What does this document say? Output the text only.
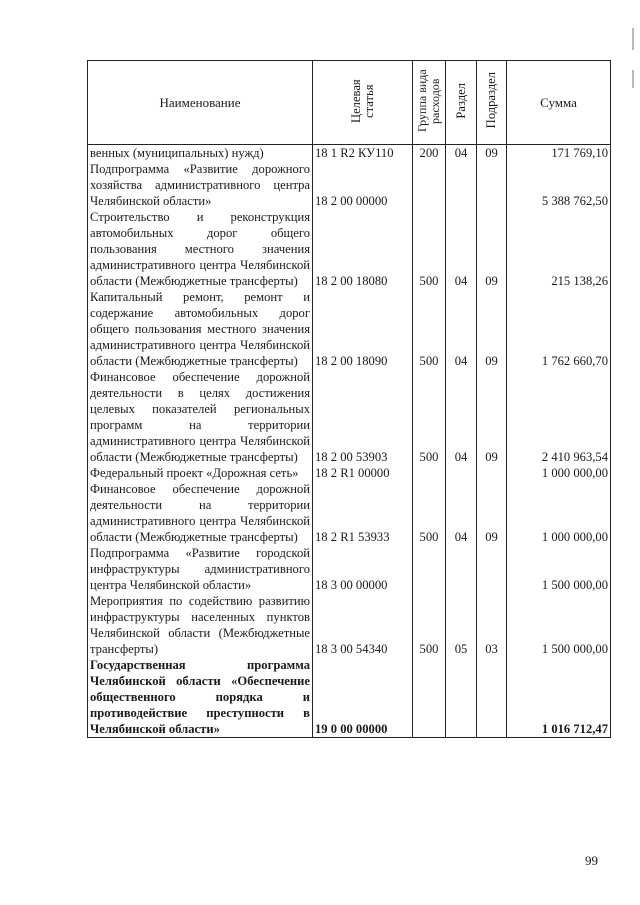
Наименование	Целевая статья	Группа вида расходов	Раздел	Подраздел	Сумма
венных (муниципальных) нужд)	18 1 R2 КУ110	200	04	09	171 769,10
Подпрограмма «Развитие дорожного хозяйства административного центра Челябинской области»	18 2 00 00000				5 388 762,50
Строительство и реконструкция автомобильных дорог общего пользования местного значения административного центра Челябинской области (Межбюджетные трансферты)	18 2 00 18080	500	04	09	215 138,26
Капитальный ремонт, ремонт и содержание автомобильных дорог общего пользования местного значения административного центра Челябинской области (Межбюджетные трансферты)	18 2 00 18090	500	04	09	1 762 660,70
Финансовое обеспечение дорожной деятельности в целях достижения целевых показателей региональных программ на территории административного центра Челябинской области (Межбюджетные трансферты)	18 2 00 53903	500	04	09	2 410 963,54
Федеральный проект «Дорожная сеть»	18 2 R1 00000				1 000 000,00
Финансовое обеспечение дорожной деятельности на территории административного центра Челябинской области (Межбюджетные трансферты)	18 2 R1 53933	500	04	09	1 000 000,00
Подпрограмма «Развитие городской инфраструктуры административного центра Челябинской области»	18 3 00 00000				1 500 000,00
Мероприятия по содействию развитию инфраструктуры населенных пунктов Челябинской области (Межбюджетные трансферты)	18 3 00 54340	500	05	03	1 500 000,00
Государственная программа Челябинской области «Обеспечение общественного порядка и противодействие преступности в Челябинской области»	19 0 00 00000				1 016 712,47
99
